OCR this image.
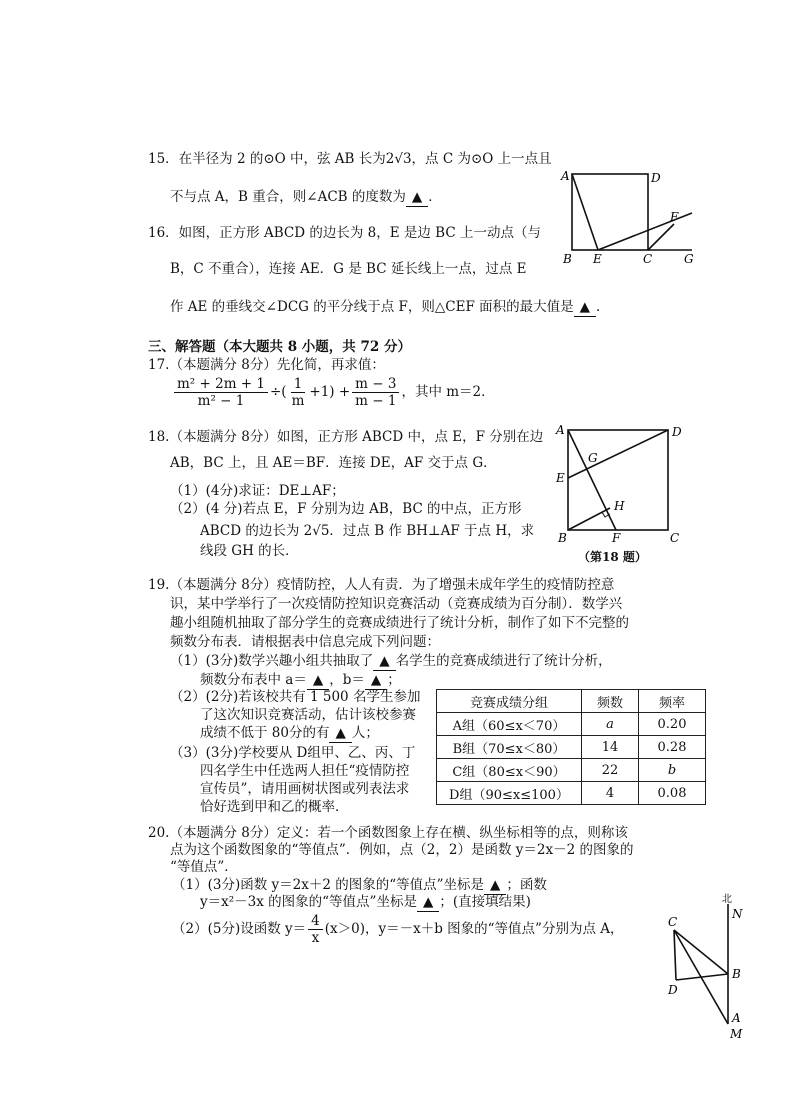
15．在半径为 2 的⊙O 中，弦 AB 长为2√3，点 C 为⊙O 上一点且
不与点 A，B 重合，则∠ACB 的度数为 ▲ ．
16．如图，正方形 ABCD 的边长为 8，E 是边 BC 上一动点（与
B，C 不重合），连接 AE．G 是 BC 延长线上一点，过点 E
作 AE 的垂线交∠DCG 的平分线于点 F，则△CEF 面积的最大值是 ▲ ．
A	D
F
B E	C	G
三、解答题（本大题共 8 小题，共 72 分）
17.（本题满分 8分）先化简，再求值：
$\frac{\text{m² + 2m + 1}}{\text{m² − 1}}$ ÷( $\frac{1}{m} +1) + \frac{m - 3}{m - 1}$ ，其中 m＝2．
18.（本题满分 8分）如图，正方形 ABCD 中，点 E，F 分别在边
AB，BC 上，且 AE＝BF．连接 DE，AF 交于点 G．
（1）(4分)求证：DE⊥AF；
（2）(4 分)若点 E，F 分别为边 AB，BC 的中点，正方形
ABCD 的边长为 2√5．过点 B 作 BH⊥AF 于点 H，求
线段 GH 的长．
A	D
G
E
H
B	F	C
（第18 题）
19.（本题满分 8分）疫情防控，人人有责．为了增强未成年学生的疫情防控意
识，某中学举行了一次疫情防控知识竞赛活动（竞赛成绩为百分制）．数学兴
趣小组随机抽取了部分学生的竞赛成绩进行了统计分析，制作了如下不完整的
频数分布表．请根据表中信息完成下列问题：
（1）(3分)数学兴趣小组共抽取了 ▲ 名学生的竞赛成绩进行了统计分析，
频数分布表中 a＝ ▲ ，b＝ ▲ ；
（2）(2分)若该校共有 1 500 名学生参加
了这次知识竞赛活动，估计该校参赛
成绩不低于 80分的有 ▲ 人；
（3）(3分)学校要从 D组甲、乙、丙、丁
四名学生中任选两人担任“疫情防控
宣传员”，请用画树状图或列表法求
恰好选到甲和乙的概率．
竞赛成绩分组	频数	频率
A组（60≤x＜70）	a	0.20
B组（70≤x＜80）	14	0.28
C组（80≤x＜90）	22	b
D组（90≤x≤100）	4	0.08
20.（本题满分 8分）定义：若一个函数图象上存在横、纵坐标相等的点，则称该
点为这个函数图象的“等值点”．例如，点（2，2）是函数 y＝2x－2 的图象的
“等值点”．
（1）(3分)函数 y＝2x＋2 的图象的“等值点”坐标是 ▲ ；函数
y＝x²－3x 的图象的“等值点”坐标是 ▲ ；(直接填结果)
（2）(5分)设函数 $y= \frac{4}{x} (x>0)$，y＝－x＋b 图象的“等值点”分别为点 A，
北
N
C
B
D
A
M
